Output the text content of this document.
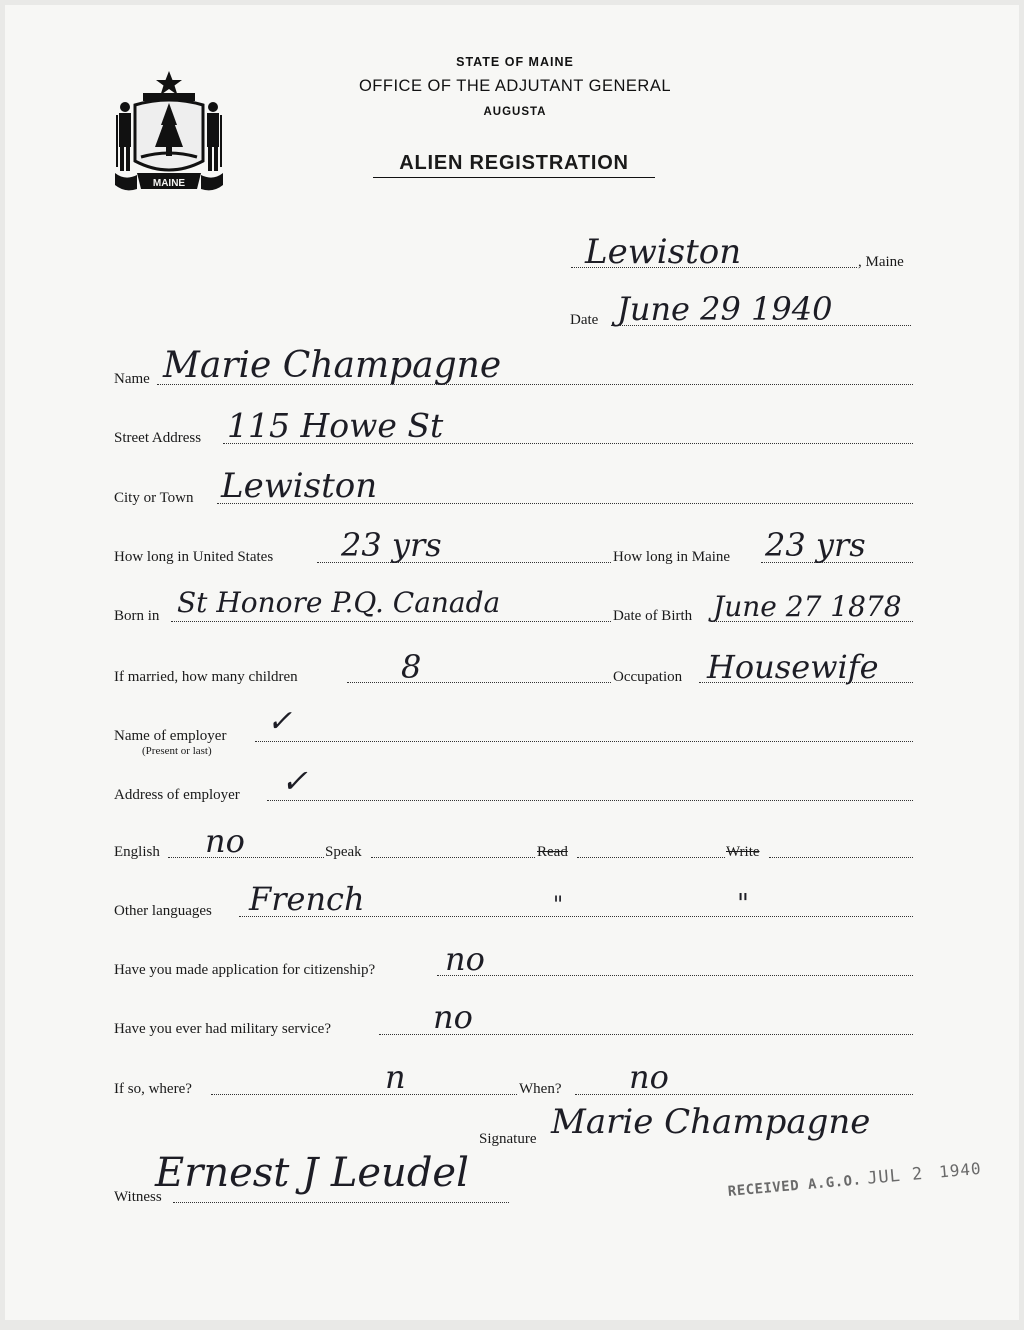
MAINE
STATE OF MAINE
OFFICE OF THE ADJUTANT GENERAL
AUGUSTA
ALIEN REGISTRATION
, Maine
Lewiston
Date June 29 1940
Name Marie Champagne
Street Address 115 Howe St
City or Town Lewiston
How long in United States 23 yrs	How long in Maine 23 yrs
Born in St Honore P.Q. Canada	Date of Birth June 27 1878
If married, how many children	8	Occupation Housewife
Name of employer
(Present or last)
✓
Address of employer ✓
English no	Speak	Read	Write
Other languages French	"	"
Have you made application for citizenship? no
Have you ever had military service?	no
If so, where?	n	When? no
Signature Marie Champagne
Witness
Ernest J Leudel	RECEIVED A.G.O. JUL 2 1940
